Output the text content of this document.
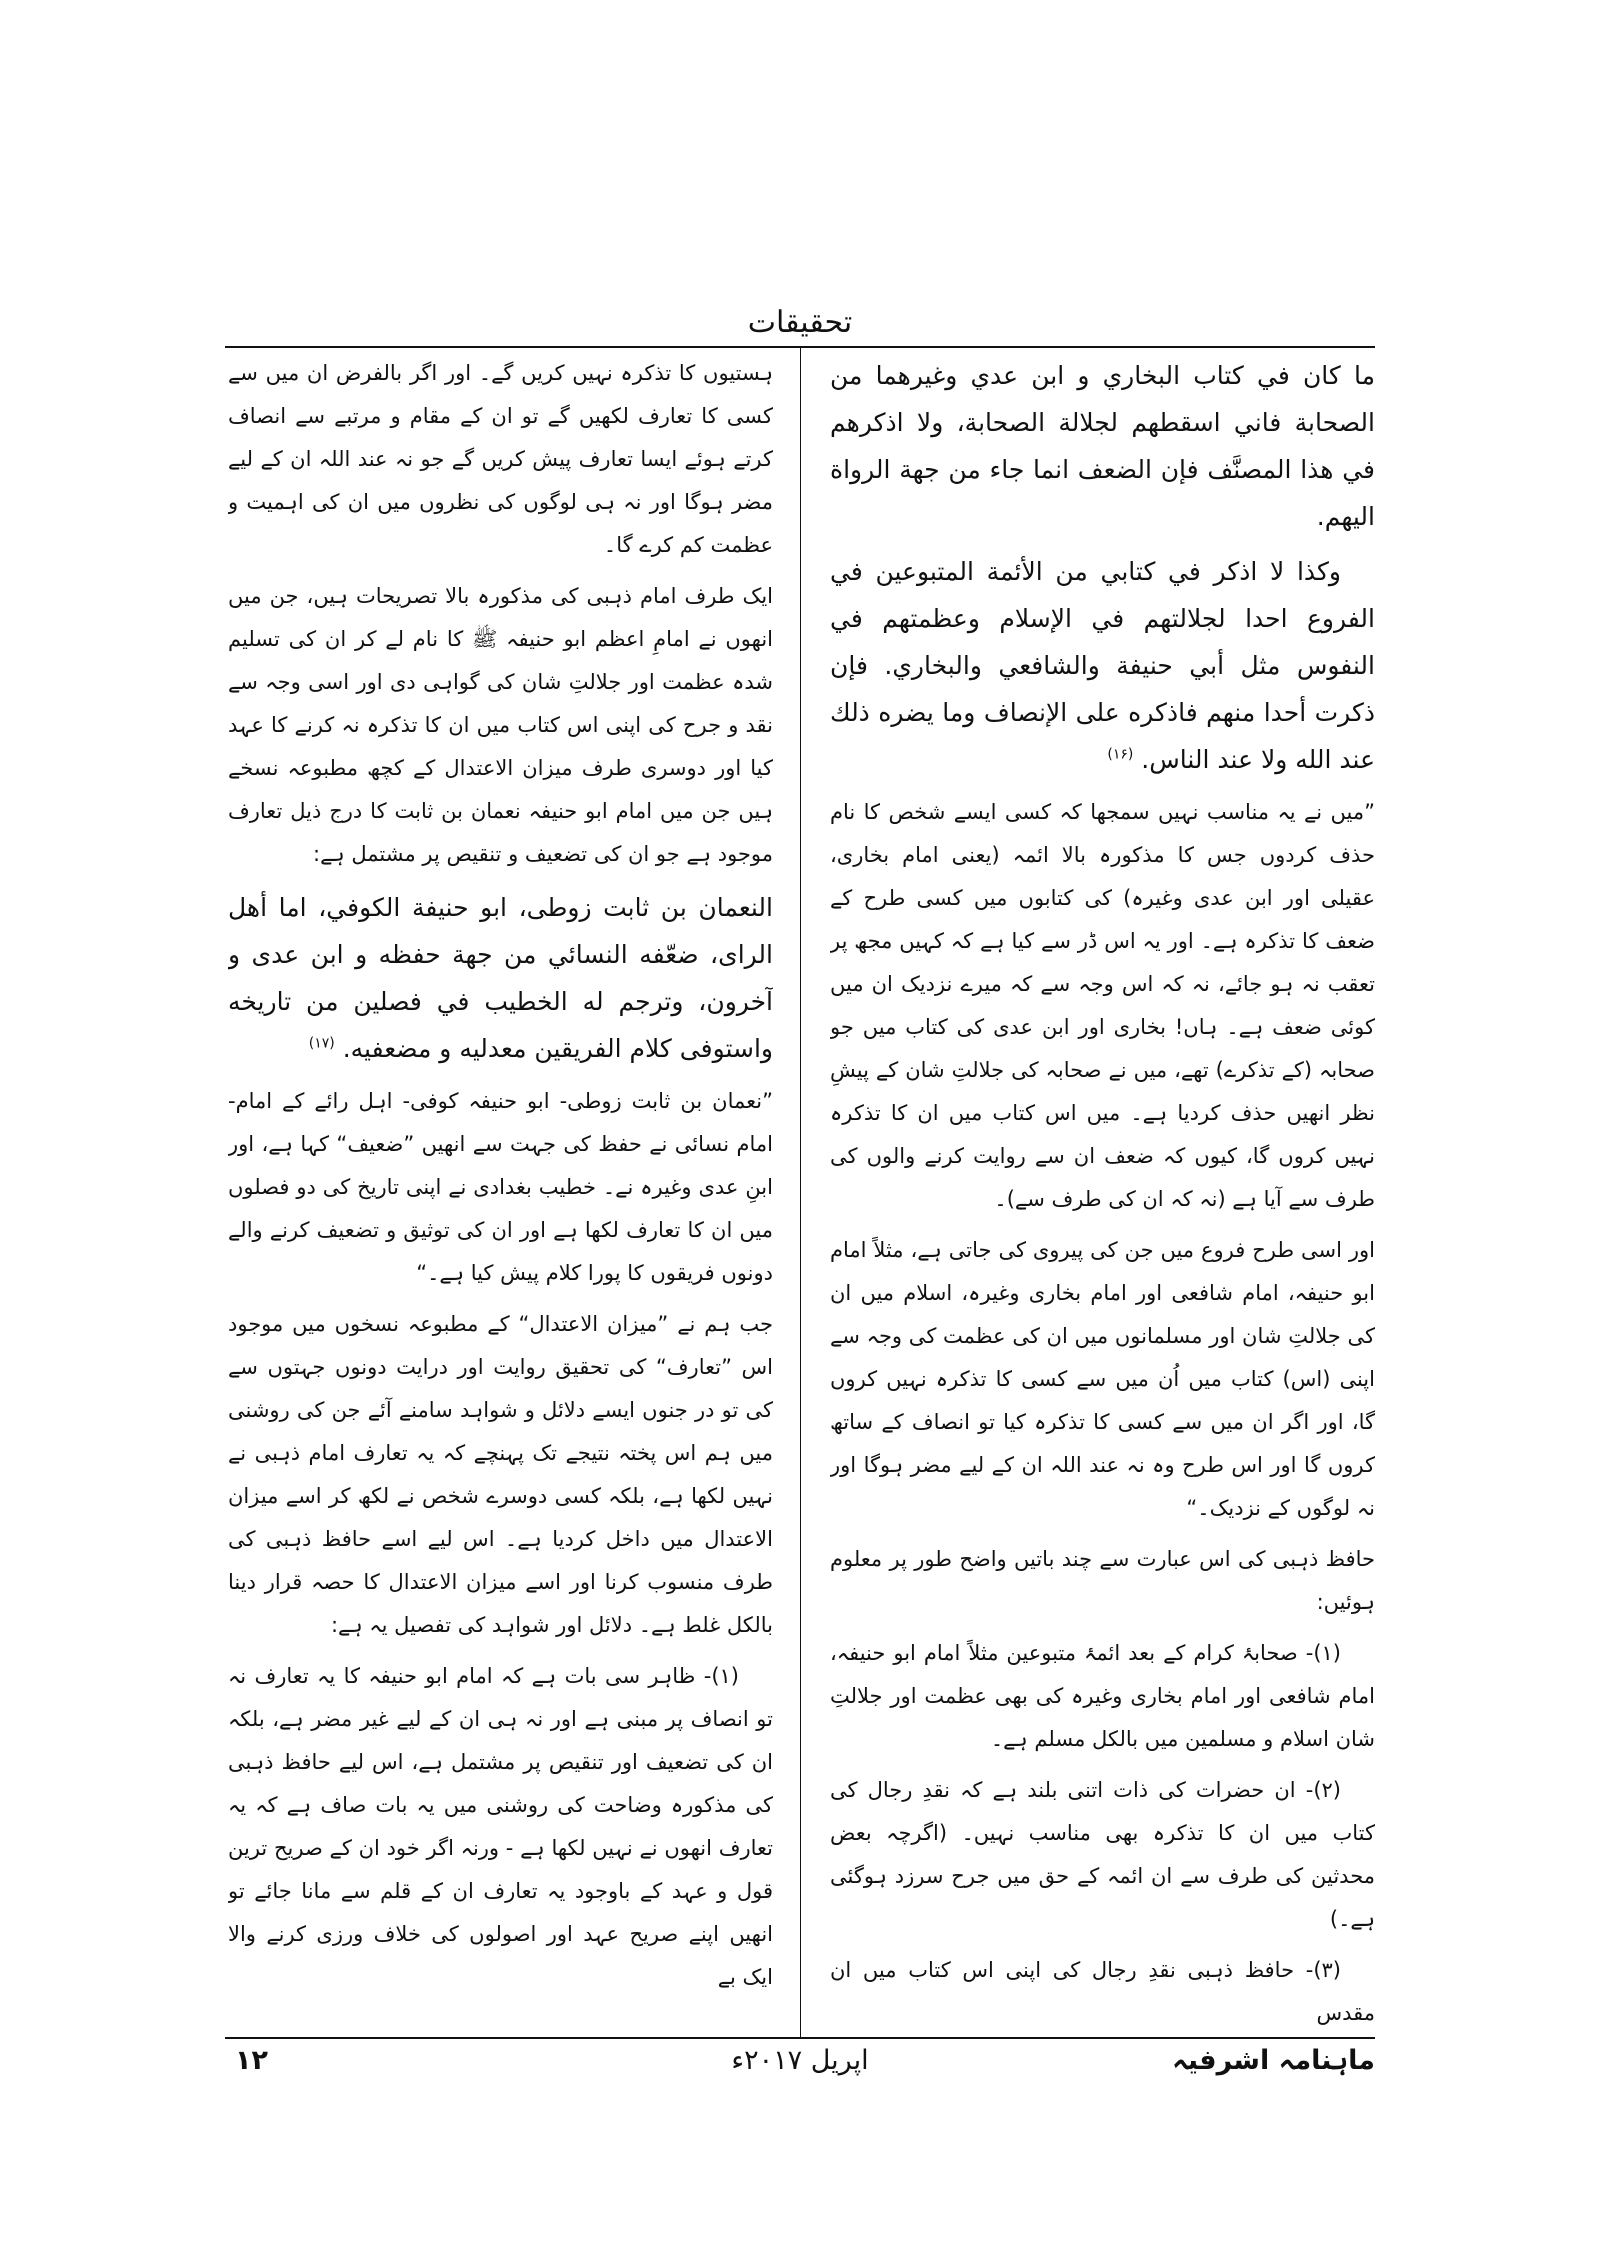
تحقیقات

ما كان في كتاب البخاري و ابن عدي وغيرهما من الصحابة فاني اسقطهم لجلالة الصحابة، ولا اذكرهم في هذا المصنَّف فإن الضعف انما جاء من جهة الرواة اليهم.

وكذا لا اذكر في كتابي من الأئمة المتبوعين في الفروع احدا لجلالتهم في الإسلام وعظمتهم في النفوس مثل أبي حنيفة والشافعي والبخاري. فإن ذكرت أحدا منهم فاذكره على الإنصاف وما يضره ذلك عند الله ولا عند الناس. $^{(۱۶)}$

”میں نے یہ مناسب نہیں سمجھا کہ کسی ایسے شخص کا نام حذف کردوں جس کا مذکورہ بالا ائمہ (یعنی امام بخاری، عقیلی اور ابن عدی وغیرہ) کی کتابوں میں کسی طرح کے ضعف کا تذکرہ ہے۔ اور یہ اس ڈر سے کیا ہے کہ کہیں مجھ پر تعقب نہ ہو جائے، نہ کہ اس وجہ سے کہ میرے نزدیک ان میں کوئی ضعف ہے۔ ہاں! بخاری اور ابن عدی کی کتاب میں جو صحابہ (کے تذکرے) تھے، میں نے صحابہ کی جلالتِ شان کے پیشِ نظر انھیں حذف کردیا ہے۔ میں اس کتاب میں ان کا تذکرہ نہیں کروں گا، کیوں کہ ضعف ان سے روایت کرنے والوں کی طرف سے آیا ہے (نہ کہ ان کی طرف سے)۔

اور اسی طرح فروع میں جن کی پیروی کی جاتی ہے، مثلاً امام ابو حنیفہ، امام شافعی اور امام بخاری وغیرہ، اسلام میں ان کی جلالتِ شان اور مسلمانوں میں ان کی عظمت کی وجہ سے اپنی (اس) کتاب میں اُن میں سے کسی کا تذکرہ نہیں کروں گا، اور اگر ان میں سے کسی کا تذکرہ کیا تو انصاف کے ساتھ کروں گا اور اس طرح وہ نہ عند اللہ ان کے لیے مضر ہوگا اور نہ لوگوں کے نزدیک۔“

حافظ ذہبی کی اس عبارت سے چند باتیں واضح طور پر معلوم ہوئیں:

(۱)- صحابۂ کرام کے بعد ائمۂ متبوعین مثلاً امام ابو حنیفہ، امام شافعی اور امام بخاری وغیرہ کی بھی عظمت اور جلالتِ شان اسلام و مسلمین میں بالکل مسلم ہے۔

(۲)- ان حضرات کی ذات اتنی بلند ہے کہ نقدِ رجال کی کتاب میں ان کا تذکرہ بھی مناسب نہیں۔ (اگرچہ بعض محدثین کی طرف سے ان ائمہ کے حق میں جرح سرزد ہوگئی ہے۔)

(۳)- حافظ ذہبی نقدِ رجال کی اپنی اس کتاب میں ان مقدس

ہستیوں کا تذکرہ نہیں کریں گے۔ اور اگر بالفرض ان میں سے کسی کا تعارف لکھیں گے تو ان کے مقام و مرتبے سے انصاف کرتے ہوئے ایسا تعارف پیش کریں گے جو نہ عند اللہ ان کے لیے مضر ہوگا اور نہ ہی لوگوں کی نظروں میں ان کی اہمیت و عظمت کم کرے گا۔

ایک طرف امام ذہبی کی مذکورہ بالا تصریحات ہیں، جن میں انھوں نے امامِ اعظم ابو حنیفہ ﷺ کا نام لے کر ان کی تسلیم شدہ عظمت اور جلالتِ شان کی گواہی دی اور اسی وجہ سے نقد و جرح کی اپنی اس کتاب میں ان کا تذکرہ نہ کرنے کا عہد کیا اور دوسری طرف میزان الاعتدال کے کچھ مطبوعہ نسخے ہیں جن میں امام ابو حنیفہ نعمان بن ثابت کا درج ذیل تعارف موجود ہے جو ان کی تضعیف و تنقیص پر مشتمل ہے:

النعمان بن ثابت زوطى، ابو حنيفة الكوفي، اما أهل الرای، ضعّفه النسائي من جهة حفظه و ابن عدی و آخرون، وترجم له الخطيب في فصلين من تاريخه واستوفى كلام الفريقين معدليه و مضعفيه. $^{(۱۷)}$

”نعمان بن ثابت زوطی- ابو حنیفہ کوفی- اہل رائے کے امام- امام نسائی نے حفظ کی جہت سے انھیں ”ضعیف“ کہا ہے، اور ابنِ عدی وغیرہ نے۔ خطیب بغدادی نے اپنی تاریخ کی دو فصلوں میں ان کا تعارف لکھا ہے اور ان کی توثیق و تضعیف کرنے والے دونوں فریقوں کا پورا کلام پیش کیا ہے۔“

جب ہم نے ”میزان الاعتدال“ کے مطبوعہ نسخوں میں موجود اس ”تعارف“ کی تحقیق روایت اور درایت دونوں جہتوں سے کی تو در جنوں ایسے دلائل و شواہد سامنے آئے جن کی روشنی میں ہم اس پختہ نتیجے تک پہنچے کہ یہ تعارف امام ذہبی نے نہیں لکھا ہے، بلکہ کسی دوسرے شخص نے لکھ کر اسے میزان الاعتدال میں داخل کردیا ہے۔ اس لیے اسے حافظ ذہبی کی طرف منسوب کرنا اور اسے میزان الاعتدال کا حصہ قرار دینا بالکل غلط ہے۔ دلائل اور شواہد کی تفصیل یہ ہے:

(۱)- ظاہر سی بات ہے کہ امام ابو حنیفہ کا یہ تعارف نہ تو انصاف پر مبنی ہے اور نہ ہی ان کے لیے غیر مضر ہے، بلکہ ان کی تضعیف اور تنقیص پر مشتمل ہے، اس لیے حافظ ذہبی کی مذکورہ وضاحت کی روشنی میں یہ بات صاف ہے کہ یہ تعارف انھوں نے نہیں لکھا ہے - ورنہ اگر خود ان کے صریح ترین قول و عہد کے باوجود یہ تعارف ان کے قلم سے مانا جائے تو انھیں اپنے صریح عہد اور اصولوں کی خلاف ورزی کرنے والا ایک بے

ماہنامہ اشرفیہ
اپریل ۲۰۱۷ء
۱۲
